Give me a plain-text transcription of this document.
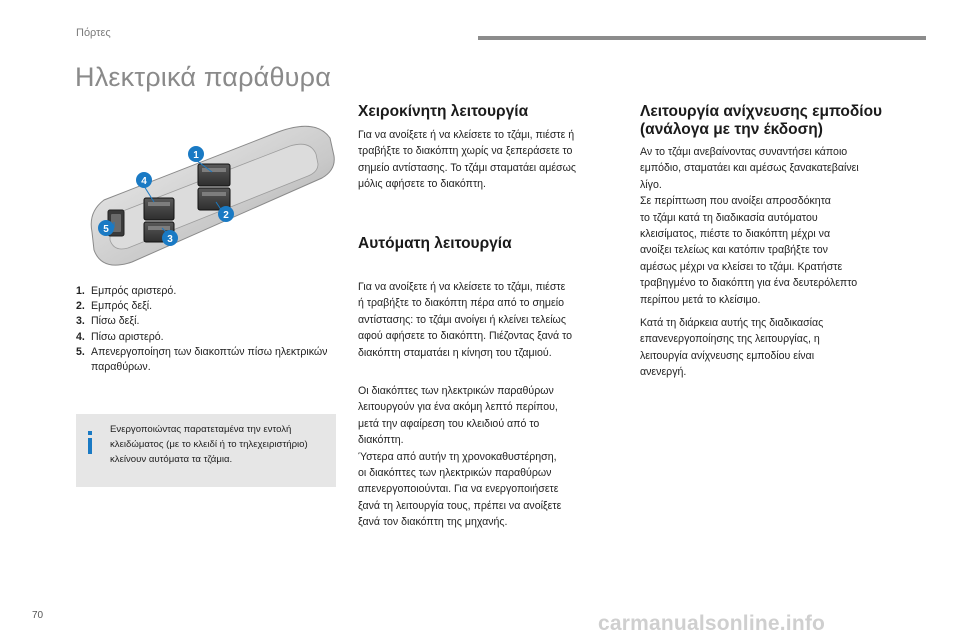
Πόρτες
Ηλεκτρικά παράθυρα
1
2
3
4
5
1. Εμπρός αριστερό.
2. Εμπρός δεξί.
3. Πίσω δεξί.
4. Πίσω αριστερό.
5. Απενεργοποίηση των διακοπτών πίσω ηλεκτρικών παραθύρων.
Ενεργοποιώντας παρατεταμένα την εντολή
κλειδώματος (με το κλειδί ή το τηλεχειριστήριο)
κλείνουν αυτόματα τα τζάμια.
Χειροκίνητη λειτουργία
Για να ανοίξετε ή να κλείσετε το τζάμι, πιέστε ή
τραβήξτε το διακόπτη χωρίς να ξεπεράσετε το
σημείο αντίστασης. Το τζάμι σταματάει αμέσως
μόλις αφήσετε το διακόπτη.
Αυτόματη λειτουργία
Για να ανοίξετε ή να κλείσετε το τζάμι, πιέστε
ή τραβήξτε το διακόπτη πέρα από το σημείο
αντίστασης: το τζάμι ανοίγει ή κλείνει τελείως
αφού αφήσετε το διακόπτη. Πιέζοντας ξανά το
διακόπτη σταματάει η κίνηση του τζαμιού.
Οι διακόπτες των ηλεκτρικών παραθύρων
λειτουργούν για ένα ακόμη λεπτό περίπου,
μετά την αφαίρεση του κλειδιού από το
διακόπτη.
Ύστερα από αυτήν τη χρονοκαθυστέρηση,
οι διακόπτες των ηλεκτρικών παραθύρων
απενεργοποιούνται. Για να ενεργοποιήσετε
ξανά τη λειτουργία τους, πρέπει να ανοίξετε
ξανά τον διακόπτη της μηχανής.
Λειτουργία ανίχνευσης εμποδίου
(ανάλογα με την έκδοση)
Αν το τζάμι ανεβαίνοντας συναντήσει κάποιο
εμπόδιο, σταματάει και αμέσως ξανακατεβαίνει
λίγο.
Σε περίπτωση που ανοίξει απροσδόκητα
το τζάμι κατά τη διαδικασία αυτόματου
κλεισίματος, πιέστε το διακόπτη μέχρι να
ανοίξει τελείως και κατόπιν τραβήξτε τον
αμέσως μέχρι να κλείσει το τζάμι. Κρατήστε
τραβηγμένο το διακόπτη για ένα δευτερόλεπτο
περίπου μετά το κλείσιμο.
Κατά τη διάρκεια αυτής της διαδικασίας
επανενεργοποίησης της λειτουργίας, η
λειτουργία ανίχνευσης εμποδίου είναι
ανενεργή.
70	carmanualsonline.info
